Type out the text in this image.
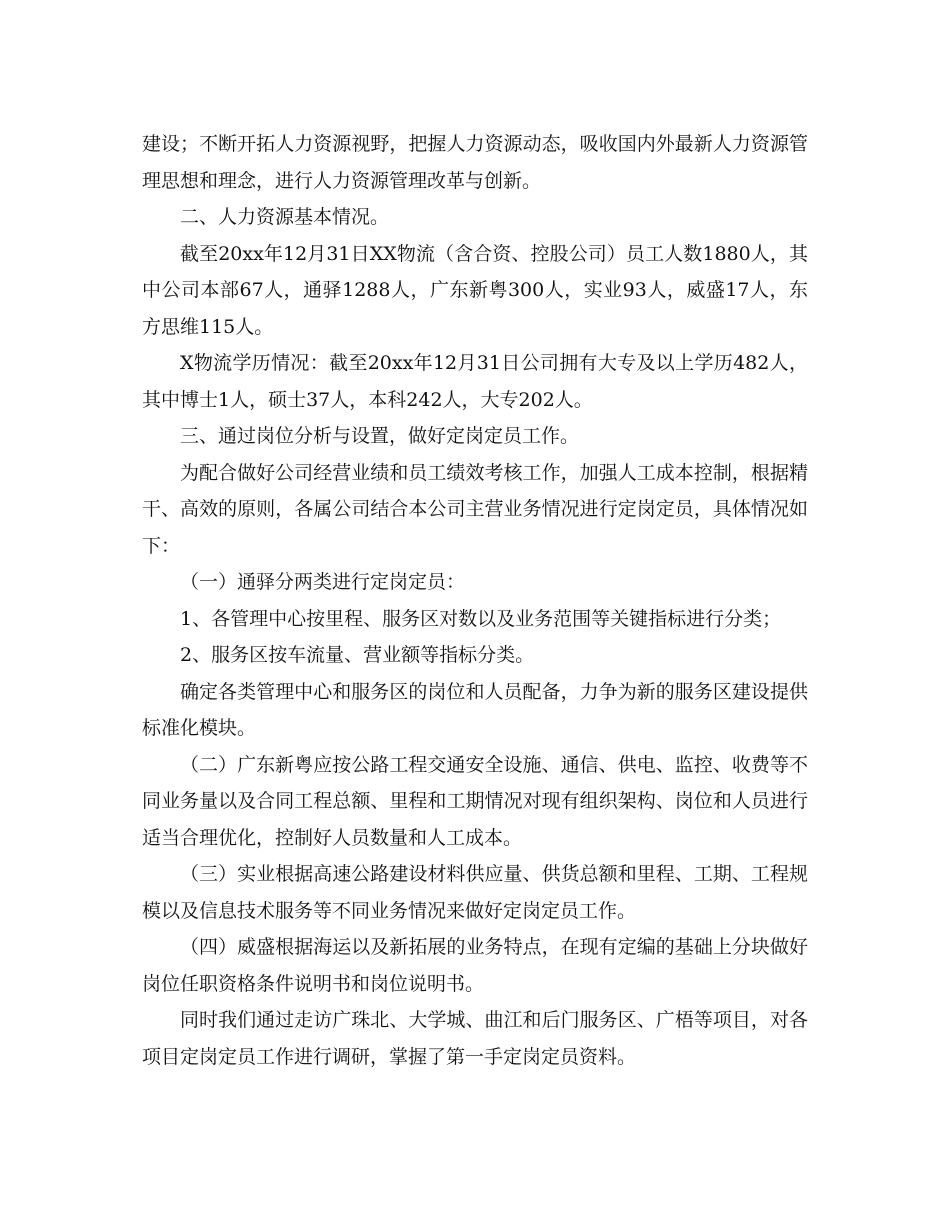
建设；不断开拓人力资源视野，把握人力资源动态，吸收国内外最新人力资源管理思想和理念，进行人力资源管理改革与创新。

二、人力资源基本情况。

截至20xx年12月31日XX物流（含合资、控股公司）员工人数1880人，其中公司本部67人，通驿1288人，广东新粤300人，实业93人，威盛17人，东方思维115人。

X物流学历情况：截至20xx年12月31日公司拥有大专及以上学历482人，其中博士1人，硕士37人，本科242人，大专202人。

三、通过岗位分析与设置，做好定岗定员工作。

为配合做好公司经营业绩和员工绩效考核工作，加强人工成本控制，根据精干、高效的原则，各属公司结合本公司主营业务情况进行定岗定员，具体情况如下：

（一）通驿分两类进行定岗定员：

1、各管理中心按里程、服务区对数以及业务范围等关键指标进行分类；

2、服务区按车流量、营业额等指标分类。

确定各类管理中心和服务区的岗位和人员配备，力争为新的服务区建设提供标准化模块。

（二）广东新粤应按公路工程交通安全设施、通信、供电、监控、收费等不同业务量以及合同工程总额、里程和工期情况对现有组织架构、岗位和人员进行适当合理优化，控制好人员数量和人工成本。

（三）实业根据高速公路建设材料供应量、供货总额和里程、工期、工程规模以及信息技术服务等不同业务情况来做好定岗定员工作。

（四）威盛根据海运以及新拓展的业务特点，在现有定编的基础上分块做好岗位任职资格条件说明书和岗位说明书。

同时我们通过走访广珠北、大学城、曲江和后门服务区、广梧等项目，对各项目定岗定员工作进行调研，掌握了第一手定岗定员资料。
